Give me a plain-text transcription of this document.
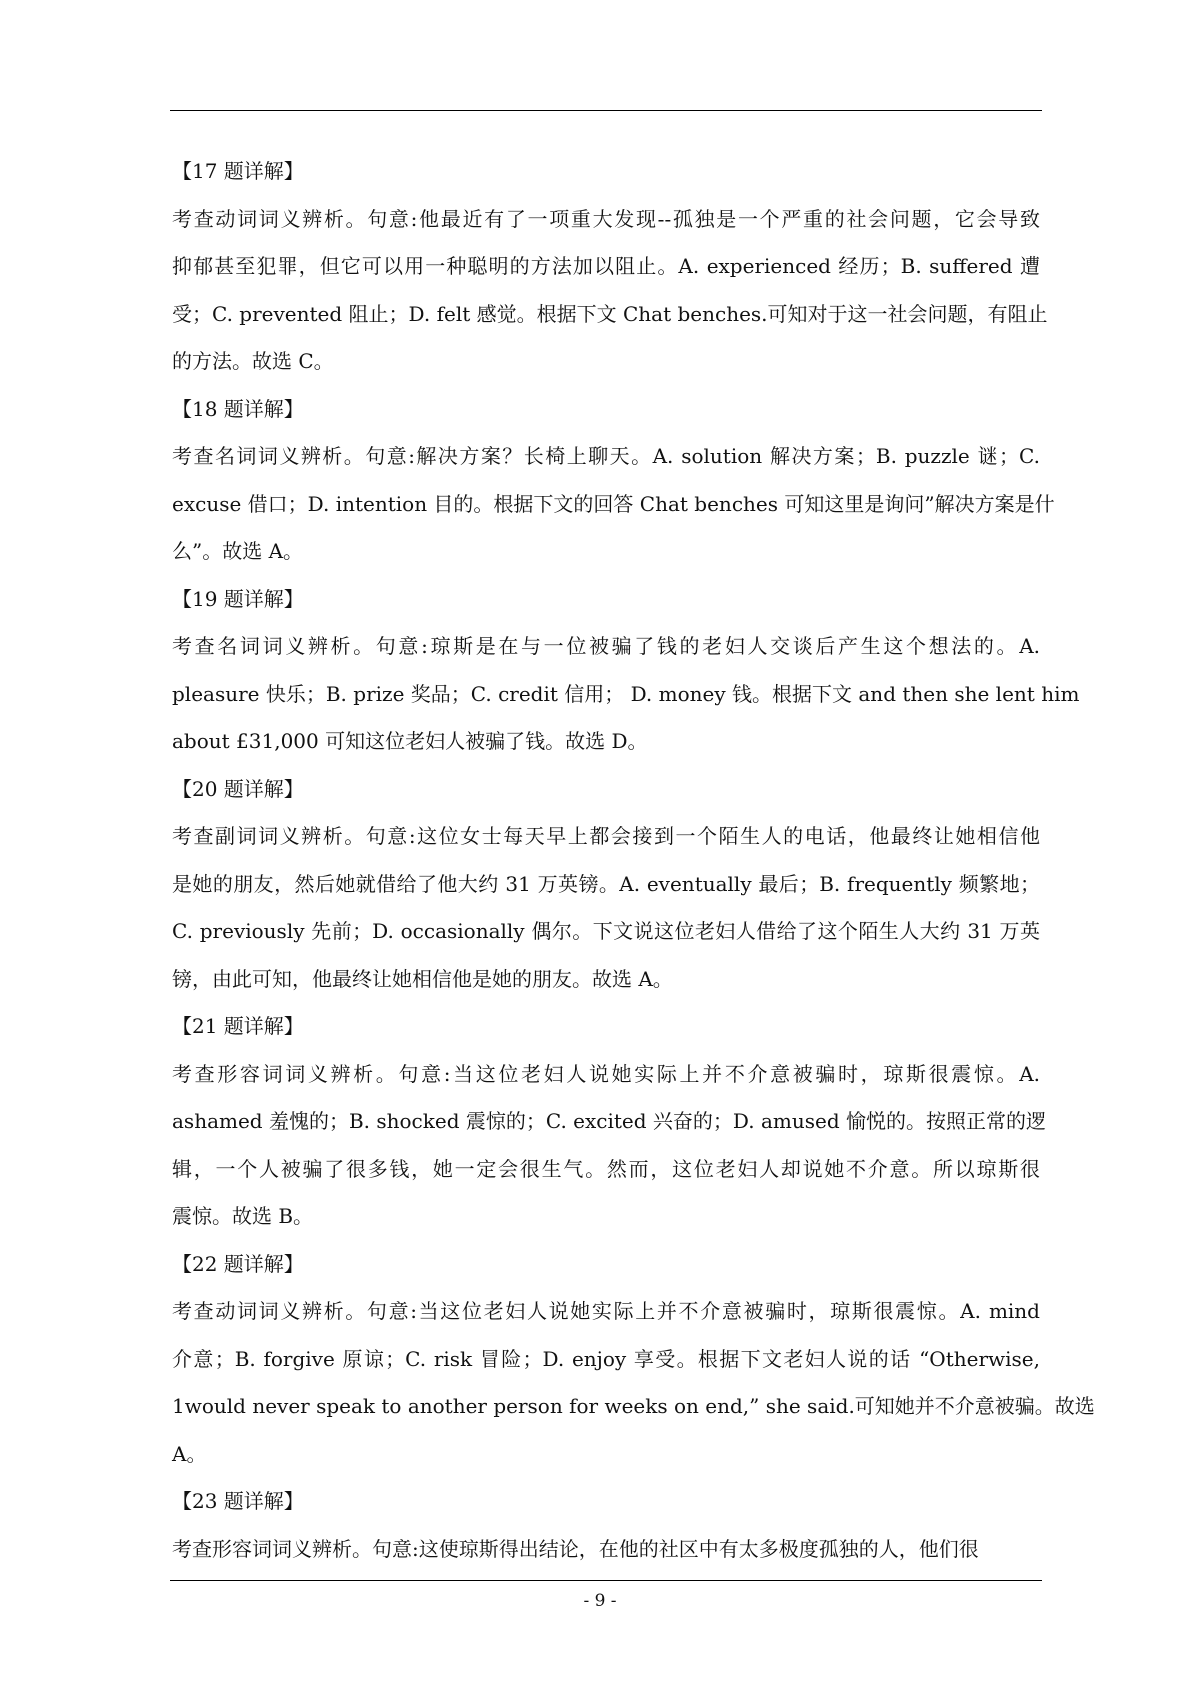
【17 题详解】
考查动词词义辨析。句意:他最近有了一项重大发现--孤独是一个严重的社会问题，它会导致
抑郁甚至犯罪，但它可以用一种聪明的方法加以阻止。A. experienced 经历；B. suffered 遭
受；C. prevented 阻止；D. felt 感觉。根据下文 Chat benches.可知对于这一社会问题，有阻止
的方法。故选 C。
【18 题详解】
考查名词词义辨析。句意:解决方案？长椅上聊天。A. solution 解决方案；B. puzzle 谜；C.
excuse 借口；D. intention 目的。根据下文的回答 Chat benches 可知这里是询问”解决方案是什
么”。故选 A。
【19 题详解】
考查名词词义辨析。句意:琼斯是在与一位被骗了钱的老妇人交谈后产生这个想法的。A.
pleasure 快乐；B. prize 奖品；C. credit 信用； D. money 钱。根据下文 and then she lent him
about £31,000 可知这位老妇人被骗了钱。故选 D。
【20 题详解】
考查副词词义辨析。句意:这位女士每天早上都会接到一个陌生人的电话，他最终让她相信他
是她的朋友，然后她就借给了他大约 31 万英镑。A. eventually 最后；B. frequently 频繁地；
C. previously 先前；D. occasionally 偶尔。下文说这位老妇人借给了这个陌生人大约 31 万英
镑，由此可知，他最终让她相信他是她的朋友。故选 A。
【21 题详解】
考查形容词词义辨析。句意:当这位老妇人说她实际上并不介意被骗时，琼斯很震惊。A.
ashamed 羞愧的；B. shocked 震惊的；C. excited 兴奋的；D. amused 愉悦的。按照正常的逻
辑，一个人被骗了很多钱，她一定会很生气。然而，这位老妇人却说她不介意。所以琼斯很
震惊。故选 B。
【22 题详解】
考查动词词义辨析。句意:当这位老妇人说她实际上并不介意被骗时，琼斯很震惊。A. mind
介意；B. forgive 原谅；C. risk 冒险；D. enjoy 享受。根据下文老妇人说的话 “Otherwise,
1would never speak to another person for weeks on end,” she said.可知她并不介意被骗。故选
A。
【23 题详解】
考查形容词词义辨析。句意:这使琼斯得出结论，在他的社区中有太多极度孤独的人，他们很
- 9 -
